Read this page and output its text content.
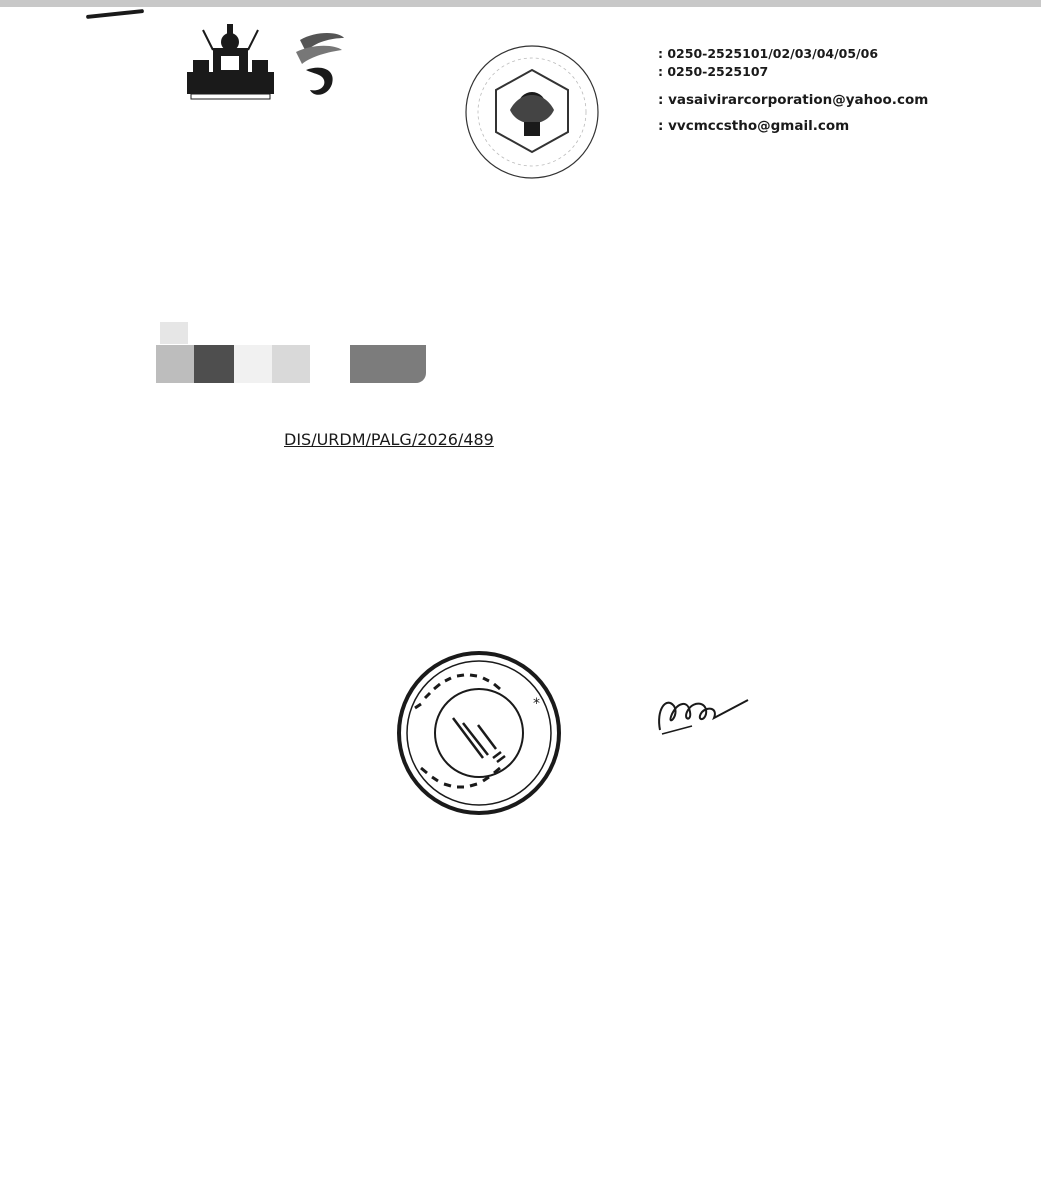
: 0250-2525101/02/03/04/05/06
: 0250-2525107
: vasaivirarcorporation@yahoo.com
: vvcmccstho@gmail.com
DIS/URDM/PALG/2026/489
*
